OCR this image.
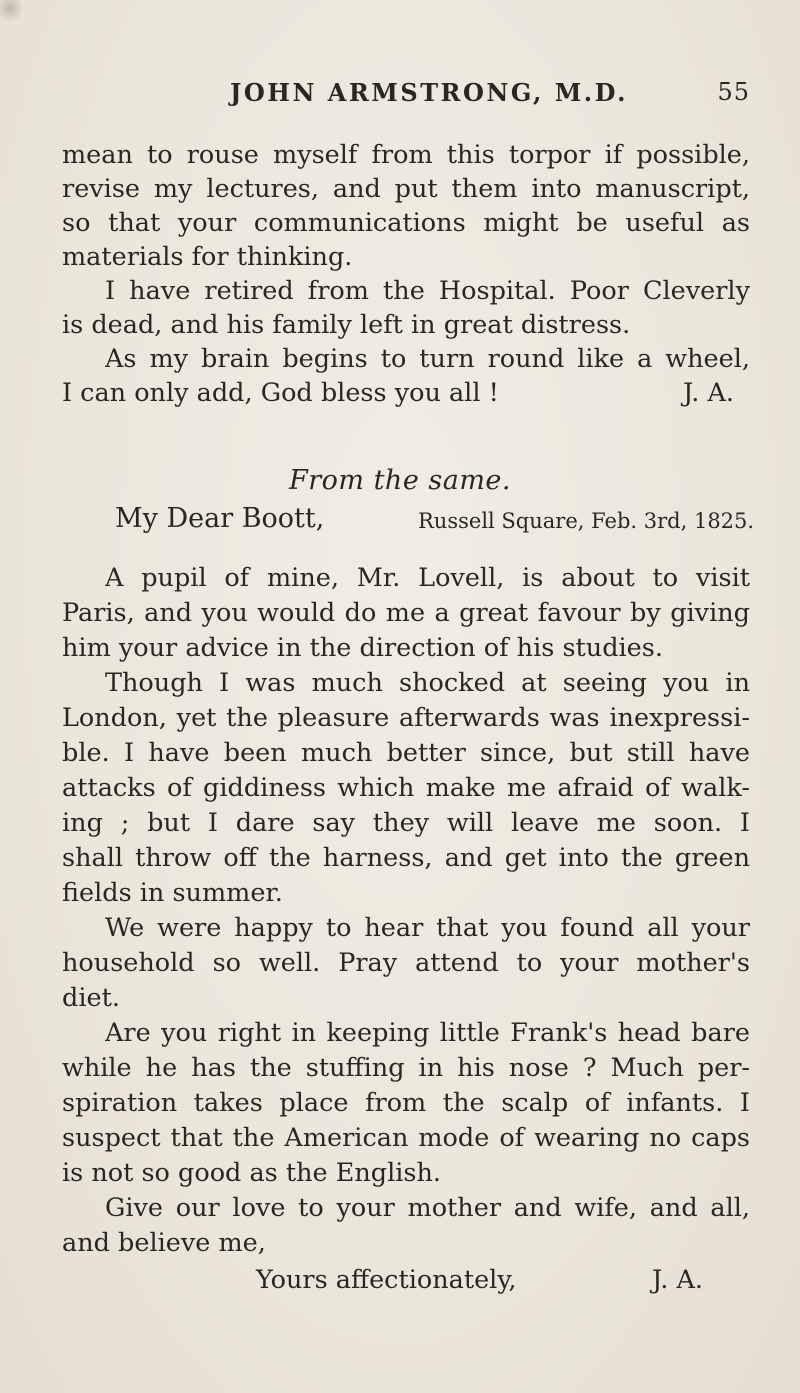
JOHN ARMSTRONG, M.D.	55
mean to rouse myself from this torpor if possible,
revise my lectures, and put them into manuscript,
so that your communications might be useful as
materials for thinking.
I have retired from the Hospital. Poor Cleverly
is dead, and his family left in great distress.
As my brain begins to turn round like a wheel,
I can only add, God bless you all !	J. A.
From the same.
My Dear Boott,	Russell Square, Feb. 3rd, 1825.
A pupil of mine, Mr. Lovell, is about to visit
Paris, and you would do me a great favour by giving
him your advice in the direction of his studies.
Though I was much shocked at seeing you in
London, yet the pleasure afterwards was inexpressi-
ble. I have been much better since, but still have
attacks of giddiness which make me afraid of walk-
ing ; but I dare say they will leave me soon. I
shall throw off the harness, and get into the green
fields in summer.
We were happy to hear that you found all your
household so well. Pray attend to your mother's
diet.
Are you right in keeping little Frank's head bare
while he has the stuffing in his nose ? Much per-
spiration takes place from the scalp of infants. I
suspect that the American mode of wearing no caps
is not so good as the English.
Give our love to your mother and wife, and all,
and believe me,
Yours affectionately,	J. A.
